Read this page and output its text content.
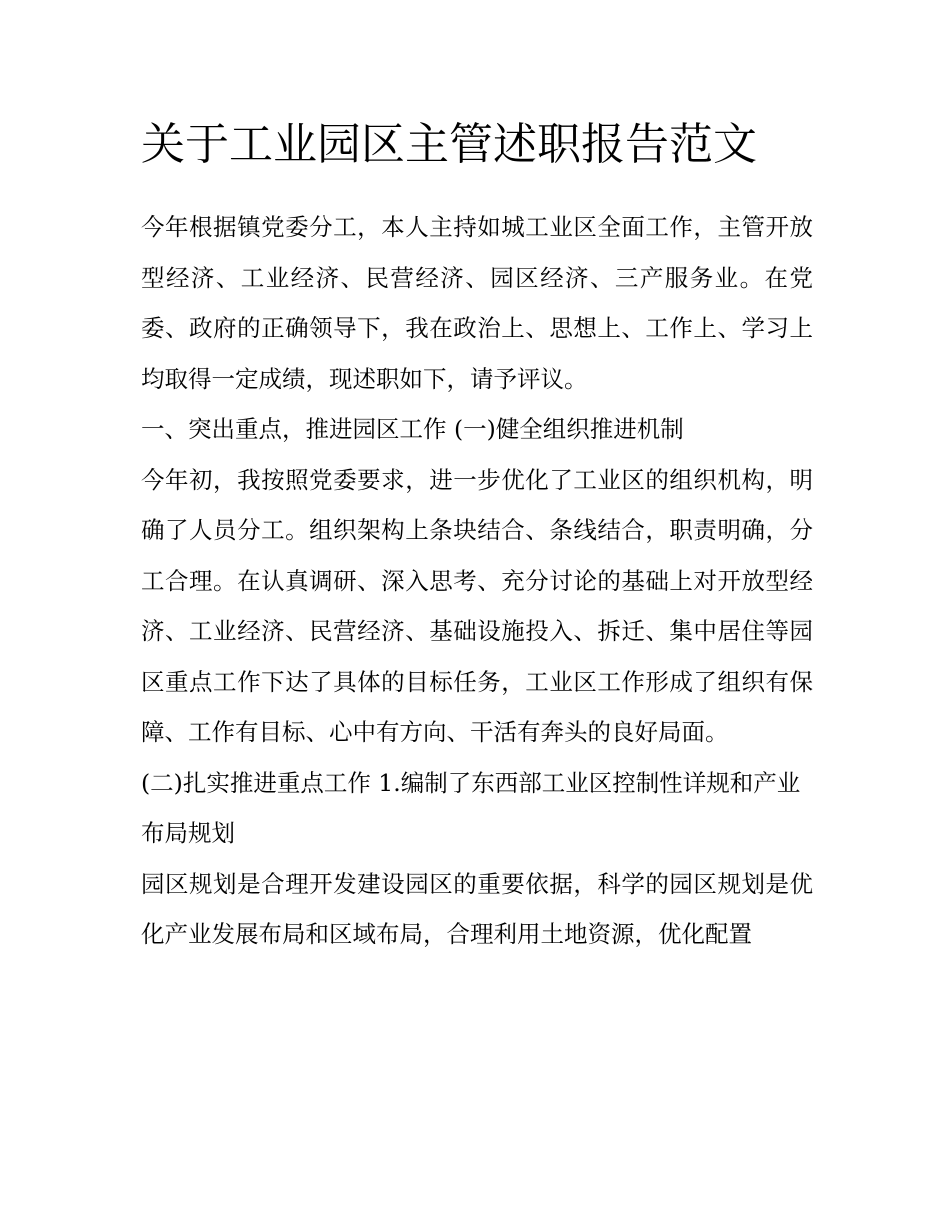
关于工业园区主管述职报告范文

今年根据镇党委分工，本人主持如城工业区全面工作，主管开放型经济、工业经济、民营经济、园区经济、三产服务业。在党委、政府的正确领导下，我在政治上、思想上、工作上、学习上均取得一定成绩，现述职如下，请予评议。

一、突出重点，推进园区工作 (一)健全组织推进机制

今年初，我按照党委要求，进一步优化了工业区的组织机构，明确了人员分工。组织架构上条块结合、条线结合，职责明确，分工合理。在认真调研、深入思考、充分讨论的基础上对开放型经济、工业经济、民营经济、基础设施投入、拆迁、集中居住等园区重点工作下达了具体的目标任务，工业区工作形成了组织有保障、工作有目标、心中有方向、干活有奔头的良好局面。

(二)扎实推进重点工作 1.编制了东西部工业区控制性详规和产业布局规划

园区规划是合理开发建设园区的重要依据，科学的园区规划是优化产业发展布局和区域布局，合理利用土地资源，优化配置
